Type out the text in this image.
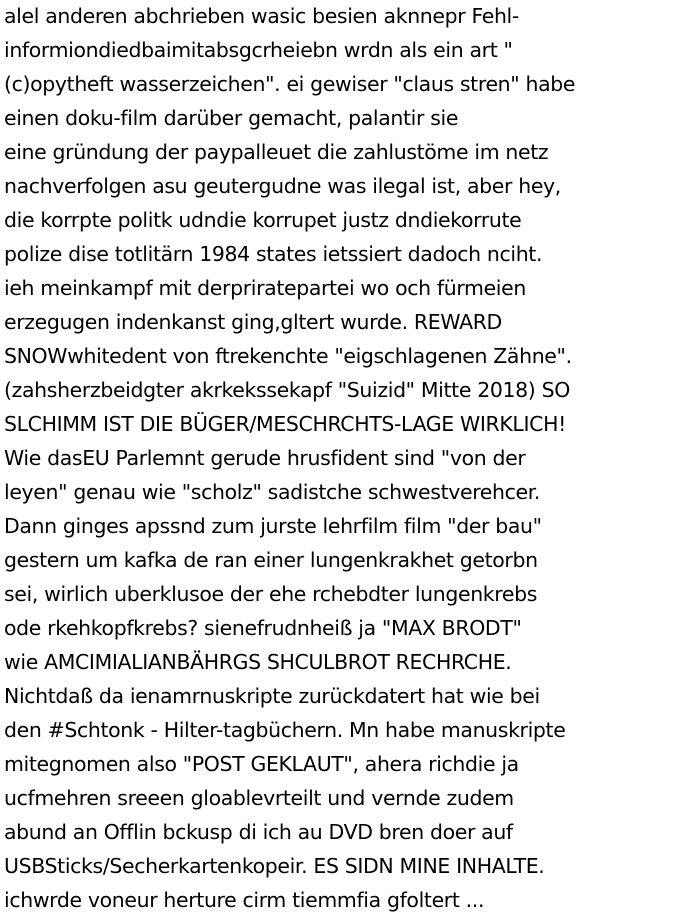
alel anderen abchrieben wasic besien aknnepr Fehl-
informiondiedbaimitabsgcrheiebn wrdn als ein art "
(c)opytheft wasserzeichen". ei gewiser "claus stren" habe
einen doku-film darüber gemacht, palantir sie
eine gründung der paypalleuet die zahlustöme im netz
nachverfolgen asu geutergudne was ilegal ist, aber hey,
die korrpte politk udndie korrupet justz dndiekorrute
polize dise totlitärn 1984 states ietssiert dadoch nciht.
ieh meinkampf mit derpriratepartei wo och fürmeien
erzegugen indenkanst ging,gltert wurde. REWARD
SNOWwhitedent von ftrekenchte "eigschlagenen Zähne".
(zahsherzbeidgter akrkekssekapf "Suizid" Mitte 2018) SO
SLCHIMM IST DIE BÜGER/MESCHRCHTS-LAGE WIRKLICH!
Wie dasEU Parlemnt gerude hrusfident sind "von der
leyen" genau wie "scholz" sadistche schwestverehcer.
Dann ginges apssnd zum jurste lehrfilm film "der bau"
gestern um kafka de ran einer lungenkrakhet getorbn
sei, wirlich uberklusoe der ehe rchebdter lungenkrebs
ode rkehkopfkrebs? sienefrudnheiß ja "MAX BRODT"
wie AMCIMIALIANBÄHRGS SHCULBROT RECHRCHE.
Nichtdaß da ienamrnuskripte zurückdatert hat wie bei
den #Schtonk - Hilter-tagbüchern. Mn habe manuskripte
mitegnomen also "POST GEKLAUT", ahera richdie ja
ucfmehren sreeen gloablevrteilt und vernde zudem
abund an Offlin bckusp di ich au DVD bren doer auf
USBSticks/Secherkartenkopeir. ES SIDN MINE INHALTE.
ichwrde voneur herture cirm tiemmfia gfoltert ...
